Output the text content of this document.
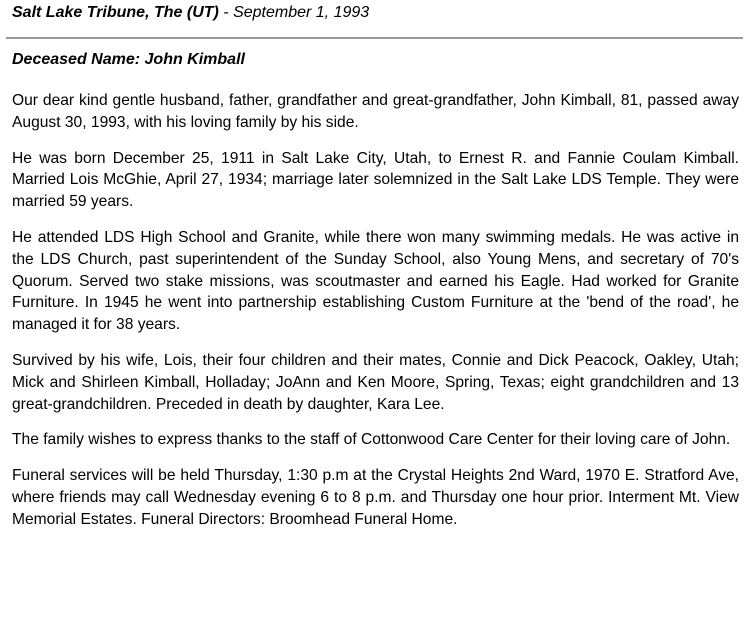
Salt Lake Tribune, The (UT) - September 1, 1993
Deceased Name: John Kimball

Our dear kind gentle husband, father, grandfather and great-grandfather, John Kimball, 81, passed away August 30, 1993, with his loving family by his side.

He was born December 25, 1911 in Salt Lake City, Utah, to Ernest R. and Fannie Coulam Kimball. Married Lois McGhie, April 27, 1934; marriage later solemnized in the Salt Lake LDS Temple. They were married 59 years.

He attended LDS High School and Granite, while there won many swimming medals. He was active in the LDS Church, past superintendent of the Sunday School, also Young Mens, and secretary of 70's Quorum. Served two stake missions, was scoutmaster and earned his Eagle. Had worked for Granite Furniture. In 1945 he went into partnership establishing Custom Furniture at the 'bend of the road', he managed it for 38 years.

Survived by his wife, Lois, their four children and their mates, Connie and Dick Peacock, Oakley, Utah; Mick and Shirleen Kimball, Holladay; JoAnn and Ken Moore, Spring, Texas; eight grandchildren and 13 great-grandchildren. Preceded in death by daughter, Kara Lee.

The family wishes to express thanks to the staff of Cottonwood Care Center for their loving care of John.

Funeral services will be held Thursday, 1:30 p.m at the Crystal Heights 2nd Ward, 1970 E. Stratford Ave, where friends may call Wednesday evening 6 to 8 p.m. and Thursday one hour prior. Interment Mt. View Memorial Estates. Funeral Directors: Broomhead Funeral Home.
